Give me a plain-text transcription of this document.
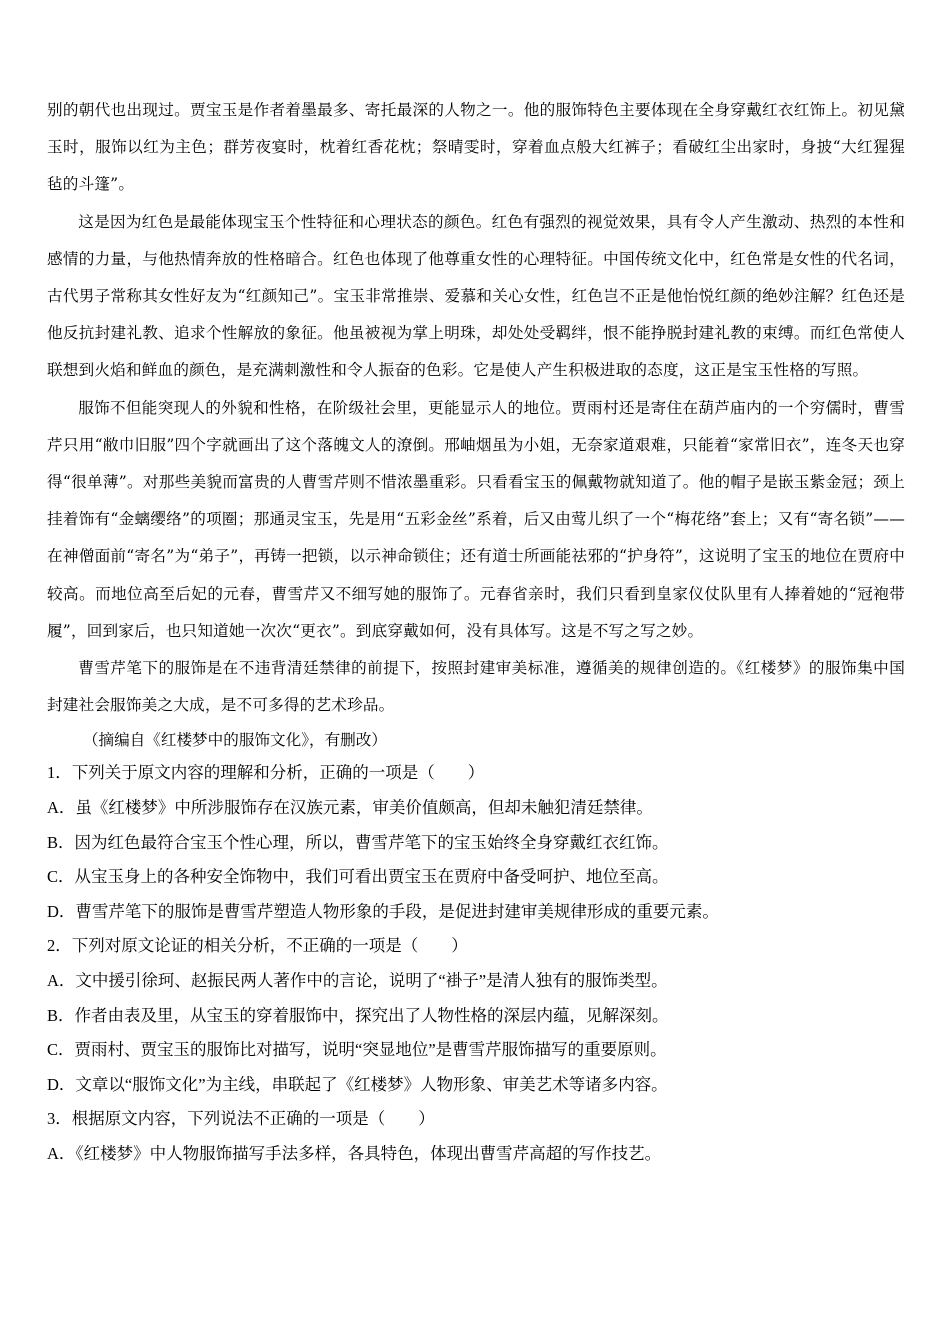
别的朝代也出现过。贾宝玉是作者着墨最多、寄托最深的人物之一。他的服饰特色主要体现在全身穿戴红衣红饰上。初见黛玉时，服饰以红为主色；群芳夜宴时，枕着红香花枕；祭晴雯时，穿着血点般大红裤子；看破红尘出家时，身披“大红猩猩毡的斗篷”。

这是因为红色是最能体现宝玉个性特征和心理状态的颜色。红色有强烈的视觉效果，具有令人产生激动、热烈的本性和感情的力量，与他热情奔放的性格暗合。红色也体现了他尊重女性的心理特征。中国传统文化中，红色常是女性的代名词，古代男子常称其女性好友为“红颜知己”。宝玉非常推崇、爱慕和关心女性，红色岂不正是他怡悦红颜的绝妙注解？红色还是他反抗封建礼教、追求个性解放的象征。他虽被视为掌上明珠，却处处受羁绊，恨不能挣脱封建礼教的束缚。而红色常使人联想到火焰和鲜血的颜色，是充满刺激性和令人振奋的色彩。它是使人产生积极进取的态度，这正是宝玉性格的写照。

服饰不但能突现人的外貌和性格，在阶级社会里，更能显示人的地位。贾雨村还是寄住在葫芦庙内的一个穷儒时，曹雪芹只用“敝巾旧服”四个字就画出了这个落魄文人的潦倒。邢岫烟虽为小姐，无奈家道艰难，只能着“家常旧衣”，连冬天也穿得“很单薄”。对那些美貌而富贵的人曹雪芹则不惜浓墨重彩。只看看宝玉的佩戴物就知道了。他的帽子是嵌玉紫金冠；颈上挂着饰有“金螭缨络”的项圈；那通灵宝玉，先是用“五彩金丝”系着，后又由莺儿织了一个“梅花络”套上；又有“寄名锁”——在神僧面前“寄名”为“弟子”，再铸一把锁，以示神命锁住；还有道士所画能祛邪的“护身符”，这说明了宝玉的地位在贾府中较高。而地位高至后妃的元春，曹雪芹又不细写她的服饰了。元春省亲时，我们只看到皇家仪仗队里有人捧着她的“冠袍带履”，回到家后，也只知道她一次次“更衣”。到底穿戴如何，没有具体写。这是不写之写之妙。

曹雪芹笔下的服饰是在不违背清廷禁律的前提下，按照封建审美标准，遵循美的规律创造的。《红楼梦》的服饰集中国封建社会服饰美之大成，是不可多得的艺术珍品。

（摘编自《红楼梦中的服饰文化》，有删改）

1．下列关于原文内容的理解和分析，正确的一项是（　　）

A．虽《红楼梦》中所涉服饰存在汉族元素，审美价值颇高，但却未触犯清廷禁律。

B．因为红色最符合宝玉个性心理，所以，曹雪芹笔下的宝玉始终全身穿戴红衣红饰。

C．从宝玉身上的各种安全饰物中，我们可看出贾宝玉在贾府中备受呵护、地位至高。

D．曹雪芹笔下的服饰是曹雪芹塑造人物形象的手段，是促进封建审美规律形成的重要元素。

2．下列对原文论证的相关分析，不正确的一项是（　　）

A．文中援引徐珂、赵振民两人著作中的言论，说明了“褂子”是清人独有的服饰类型。

B．作者由表及里，从宝玉的穿着服饰中，探究出了人物性格的深层内蕴，见解深刻。

C．贾雨村、贾宝玉的服饰比对描写，说明“突显地位”是曹雪芹服饰描写的重要原则。

D．文章以“服饰文化”为主线，串联起了《红楼梦》人物形象、审美艺术等诸多内容。

3．根据原文内容，下列说法不正确的一项是（　　）

A．《红楼梦》中人物服饰描写手法多样，各具特色，体现出曹雪芹高超的写作技艺。
